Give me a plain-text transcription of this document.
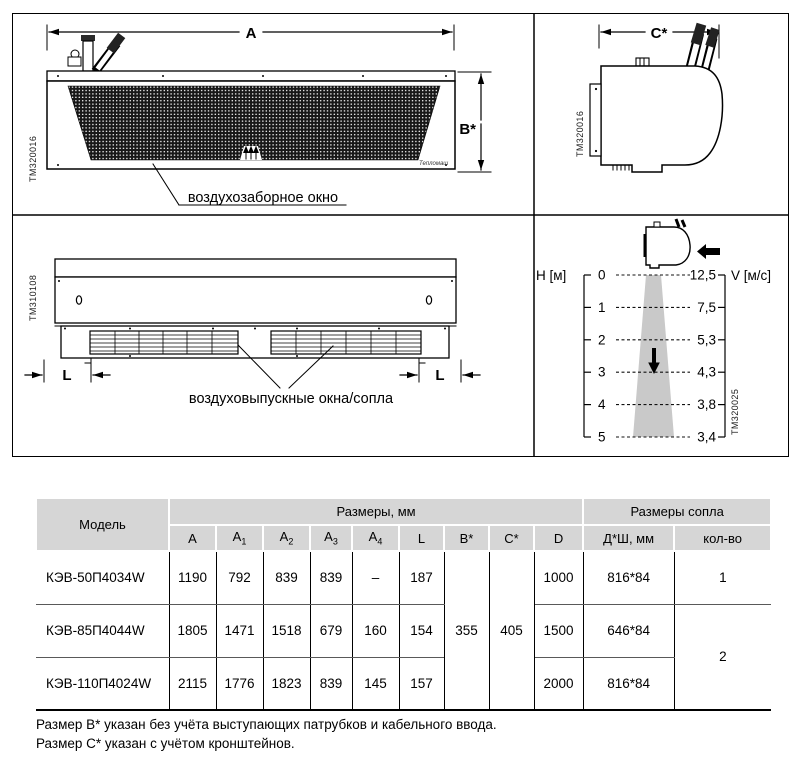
A
Тепломаш
B*
воздухозаборное окно
ТМ320016
C*
ТМ320016
L	L
воздуховыпускные окна/сопла
ТМ310108	H [м]	V [м/с]
0
1
2
3
4
5
12,5
7,5
5,3
4,3
3,8
3,4
ТМ320025
Модель	Размеры, мм									Размеры сопла	
	А	$А_1$	$А_2$	$А_3$	$А_4$	L	B*	C*	D	Д*Ш, мм	кол-во
КЭВ-50П4034W	1190	792	839	839	–	187	355	405	1000	816*84	1
КЭВ-85П4044W	1805	1471	1518	679	160	154			1500	646*84	2
КЭВ-110П4024W	2115	1776	1823	839	145	157			2000	816*84	
Размер B* указан без учёта выступающих патрубков и кабельного ввода.
Размер C* указан с учётом кронштейнов.
